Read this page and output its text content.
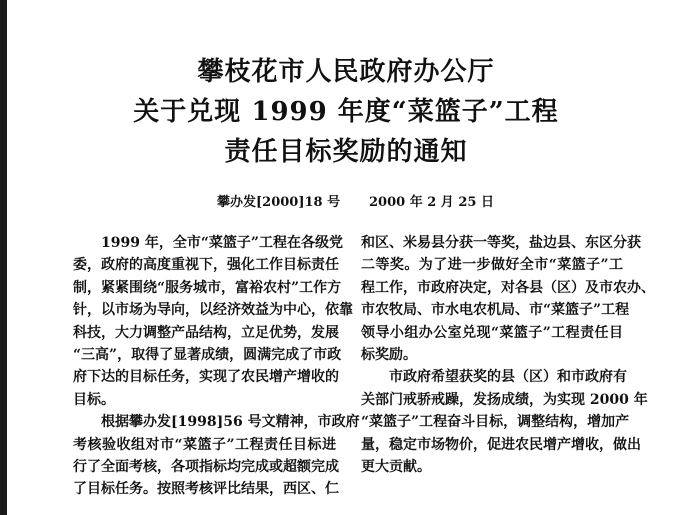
攀枝花市人民政府办公厅
关于兑现 1999 年度“菜篮子”工程
责任目标奖励的通知
攀办发[2000]18 号 2000 年 2 月 25 日
　　1999 年，全市“菜篮子”工程在各级党
委，政府的高度重视下，强化工作目标责任
制，紧紧围绕“服务城市，富裕农村”工作方
针，以市场为导向，以经济效益为中心，依靠
科技，大力调整产品结构，立足优势，发展
“三高”，取得了显著成绩，圆满完成了市政
府下达的目标任务，实现了农民增产增收的
目标。
　　根据攀办发[1998]56 号文精神，市政府
考核验收组对市“菜篮子”工程责任目标进
行了全面考核，各项指标均完成或超额完成
了目标任务。按照考核评比结果，西区、仁
和区、米易县分获一等奖，盐边县、东区分获
二等奖。为了进一步做好全市“菜篮子”工
程工作，市政府决定，对各县（区）及市农办、
市农牧局、市水电农机局、市“菜篮子”工程
领导小组办公室兑现“菜篮子”工程责任目
标奖励。
　　市政府希望获奖的县（区）和市政府有
关部门戒骄戒躁，发扬成绩，为实现 2000 年
“菜篮子”工程奋斗目标，调整结构，增加产
量，稳定市场物价，促进农民增产增收，做出
更大贡献。
